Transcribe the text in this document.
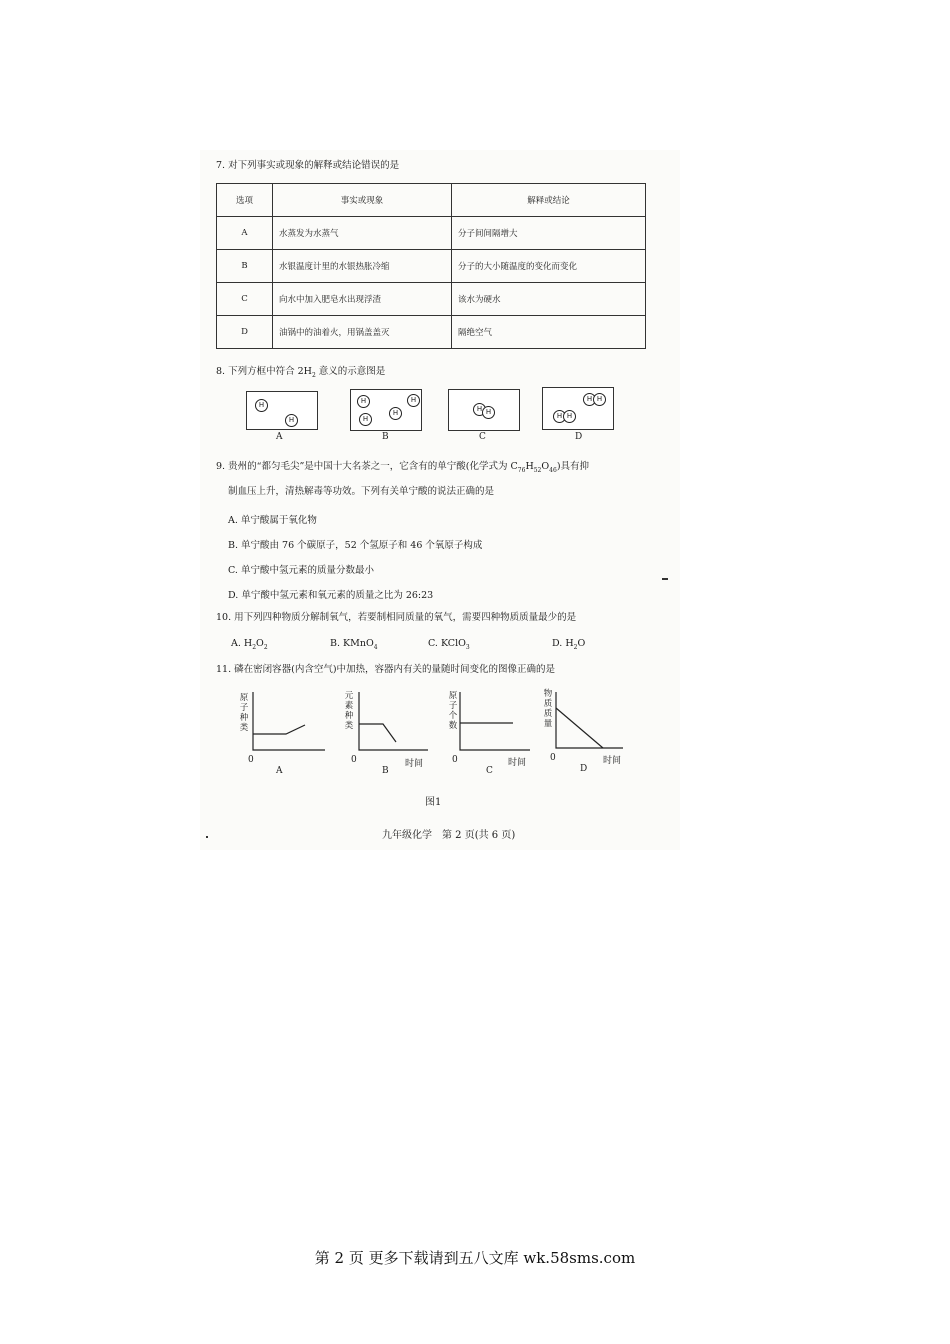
7. 对下列事实或现象的解释或结论错误的是
选项	事实或现象	解释或结论
A	水蒸发为水蒸气	分子间间隔增大
B	水银温度计里的水银热胀冷缩	分子的大小随温度的变化而变化
C	向水中加入肥皂水出现浮渣	该水为硬水
D	油锅中的油着火，用锅盖盖灭	隔绝空气
8. 下列方框中符合 $2H_2$ 意义的示意图是
H
H
A
H	H
H
H
B
H H
C
H H
H H
D
9. 贵州的“都匀毛尖”是中国十大名茶之一，它含有的单宁酸(化学式为 $C_{76}H_{52}O_{46}$)具有抑
制血压上升，清热解毒等功效。下列有关单宁酸的说法正确的是
A. 单宁酸属于氧化物
B. 单宁酸由 76 个碳原子，52 个氢原子和 46 个氧原子构成
C. 单宁酸中氢元素的质量分数最小
D. 单宁酸中氢元素和氧元素的质量之比为 26:23
10. 用下列四种物质分解制氧气，若要制相同质量的氧气，需要四种物质质量最少的是
A. $H_2O_2$	B. KMnO$_4$	C. KClO$_3$	D. $H_2O$
11. 磷在密闭容器(内含空气)中加热，容器内有关的量随时间变化的图像正确的是
原子种类
0
A
元素种类
0	时间
B
原子个数
0	时间
C
物质质量
0	时间
D
图1
九年级化学　第 2 页(共 6 页)
第 2 页 更多下载请到五八文库 wk.58sms.com
